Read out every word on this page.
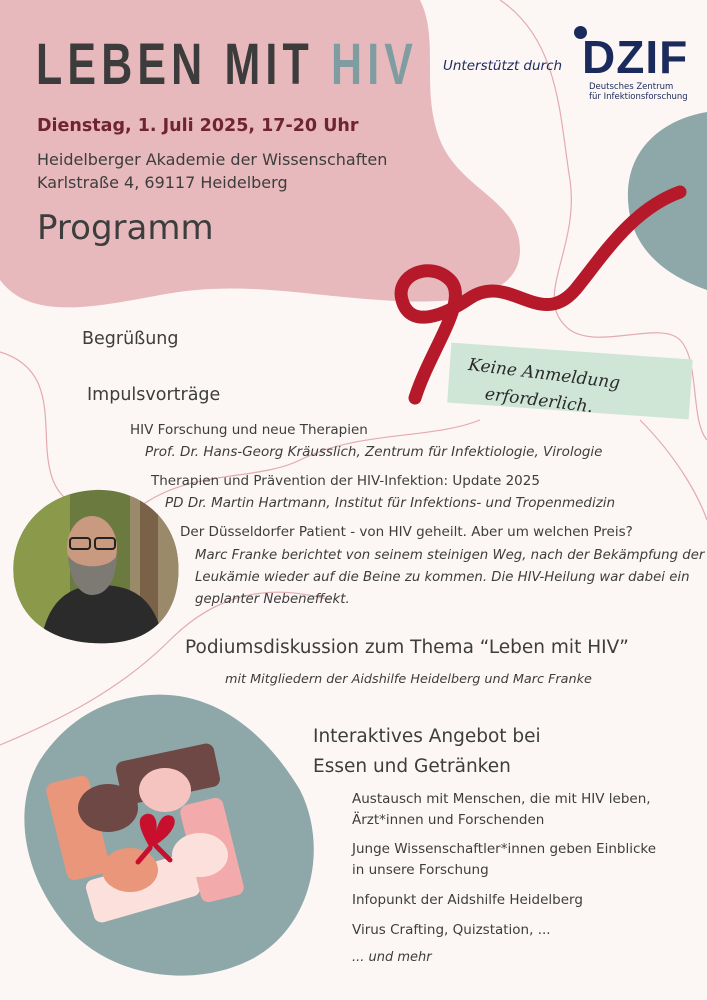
LEBEN MIT HIV
Dienstag, 1. Juli 2025, 17-20 Uhr
Heidelberger Akademie der Wissenschaften
Karlstraße 4, 69117 Heidelberg
Programm
Unterstützt durch DZIF
Deutsches Zentrum
für Infektionsforschung
Keine Anmeldung
erforderlich.
Begrüßung
Impulsvorträge
HIV Forschung und neue Therapien
Prof. Dr. Hans-Georg Kräusslich, Zentrum für Infektiologie, Virologie
Therapien und Prävention der HIV-Infektion: Update 2025
PD Dr. Martin Hartmann, Institut für Infektions- und Tropenmedizin
Der Düsseldorfer Patient - von HIV geheilt. Aber um welchen Preis?
Marc Franke berichtet von seinem steinigen Weg, nach der Bekämpfung der
Leukämie wieder auf die Beine zu kommen. Die HIV-Heilung war dabei ein
geplanter Nebeneffekt.
Podiumsdiskussion zum Thema “Leben mit HIV”
mit Mitgliedern der Aidshilfe Heidelberg und Marc Franke
Interaktives Angebot bei
Essen und Getränken
Austausch mit Menschen, die mit HIV leben,
Ärzt*innen und Forschenden
Junge Wissenschaftler*innen geben Einblicke
in unsere Forschung
Infopunkt der Aidshilfe Heidelberg
Virus Crafting, Quizstation, ...
... und mehr
